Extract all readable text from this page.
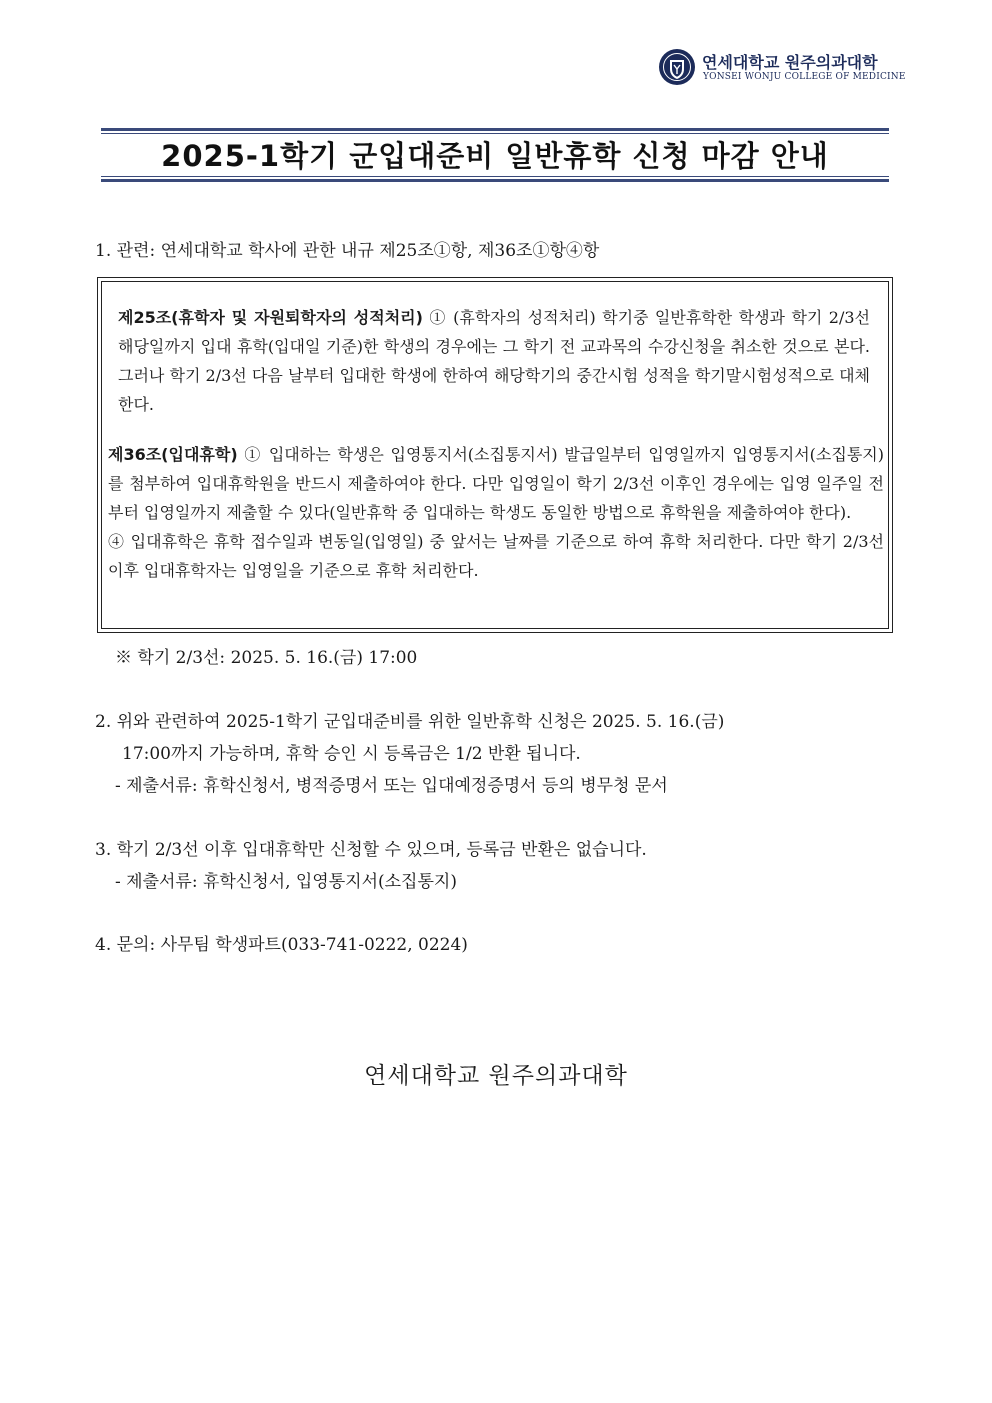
연세대학교 원주의과대학
YONSEI WONJU COLLEGE OF MEDICINE
2025-1학기 군입대준비 일반휴학 신청 마감 안내
1. 관련: 연세대학교 학사에 관한 내규 제25조①항, 제36조①항④항
제25조(휴학자 및 자원퇴학자의 성적처리) ① (휴학자의 성적처리) 학기중 일반휴학한 학생과 학기 2/3선 해당일까지 입대 휴학(입대일 기준)한 학생의 경우에는 그 학기 전 교과목의 수강신청을 취소한 것으로 본다. 그러나 학기 2/3선 다음 날부터 입대한 학생에 한하여 해당학기의 중간시험 성적을 학기말시험성적으로 대체한다.
제36조(입대휴학) ① 입대하는 학생은 입영통지서(소집통지서) 발급일부터 입영일까지 입영통지서(소집통지)를 첨부하여 입대휴학원을 반드시 제출하여야 한다. 다만 입영일이 학기 2/3선 이후인 경우에는 입영 일주일 전부터 입영일까지 제출할 수 있다(일반휴학 중 입대하는 학생도 동일한 방법으로 휴학원을 제출하여야 한다).
④ 입대휴학은 휴학 접수일과 변동일(입영일) 중 앞서는 날짜를 기준으로 하여 휴학 처리한다. 다만 학기 2/3선 이후 입대휴학자는 입영일을 기준으로 휴학 처리한다.
※ 학기 2/3선: 2025. 5. 16.(금) 17:00
2. 위와 관련하여 2025-1학기 군입대준비를 위한 일반휴학 신청은 2025. 5. 16.(금)
17:00까지 가능하며, 휴학 승인 시 등록금은 1/2 반환 됩니다.
- 제출서류: 휴학신청서, 병적증명서 또는 입대예정증명서 등의 병무청 문서
3. 학기 2/3선 이후 입대휴학만 신청할 수 있으며, 등록금 반환은 없습니다.
- 제출서류: 휴학신청서, 입영통지서(소집통지)
4. 문의: 사무팀 학생파트(033-741-0222, 0224)
연세대학교 원주의과대학
